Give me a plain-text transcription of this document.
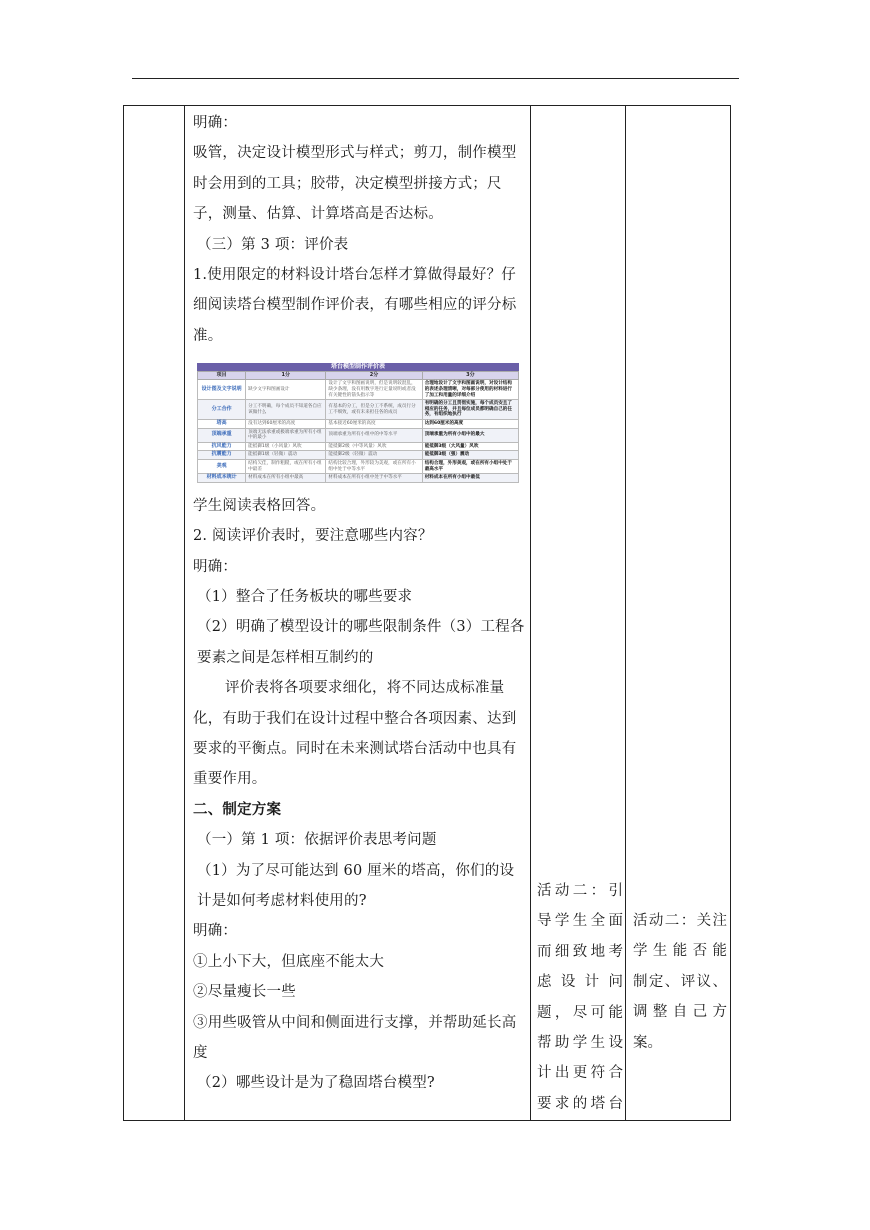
明确：

吸管，决定设计模型形式与样式；剪刀，制作模型时会用到的工具；胶带，决定模型拼接方式；尺子，测量、估算、计算塔高是否达标。

（三）第 3 项：评价表

1.使用限定的材料设计塔台怎样才算做得最好？仔细阅读塔台模型制作评价表，有哪些相应的评分标准。

塔台模型制作评价表
项目	1分	2分	3分
设计图及文字说明	缺少文字和图画设计	设计了文字和图画说明，但是说明较混乱，缺少条理，没有用数字进行定量说明或者没有关键性的箭头指示等	合理地设计了文字和图画说明，对设计结构的表述条理清晰，对每部分使用的材料进行了加工和用量的详细介绍
分工合作	分工不明确，每个成员不知道各自应该做什么	有基本的分工，但是分工不系统，成员行分工不细致，或有未来担任各的成员	有明确的分工且贯彻实施，每个成员安且了相应的任务，并且每位成员都明确自己的任务，有组织地执行
塔高	没有达到60厘米的高度	基本接近60厘米的高度	达到60厘米的高度
顶端承重	顶端无法承重或极端承重为所有小组中的最小	顶端承重为所有小组中的中等水平	顶端承重为所有小组中的最大
抗风能力	能抵御1级（小风量）风吹	能抵御2级（中等风量）风吹	能抵御3级（大风量）风吹
抗震能力	能抵御1级（轻微）震动	能抵御2级（轻微）震动	能抵御3级（强）震动
美观	结构欠佳，制作粗糙，或在所有小组中最差	结构比较合理，外形较为美观，或在所有小组中处于中等水平	结构合理，外形美观，或在所有小组中处于最高水平
材料成本统计	材料成本在所有小组中最高	材料成本在所有小组中处于中等水平	材料成本在所有小组中最低

学生阅读表格回答。

2. 阅读评价表时，要注意哪些内容？

明确：

（1）整合了任务板块的哪些要求

（2）明确了模型设计的哪些限制条件（3）工程各要素之间是怎样相互制约的

评价表将各项要求细化，将不同达成标准量化，有助于我们在设计过程中整合各项因素、达到要求的平衡点。同时在未来测试塔台活动中也具有重要作用。

二、制定方案

（一）第 1 项：依据评价表思考问题

（1）为了尽可能达到 60 厘米的塔高，你们的设计是如何考虑材料使用的?

明确：

①上小下大，但底座不能太大

②尽量瘦长一些

③用些吸管从中间和侧面进行支撑，并帮助延长高度

（2）哪些设计是为了稳固塔台模型?

活动二：引
导学生全面
而细致地考
虑 设 计 问
题，尽可能
帮助学生设
计出更符合
要求的塔台
活动二：关注
学 生 能 否 能
制定、评议、
调 整 自 己 方
案。
